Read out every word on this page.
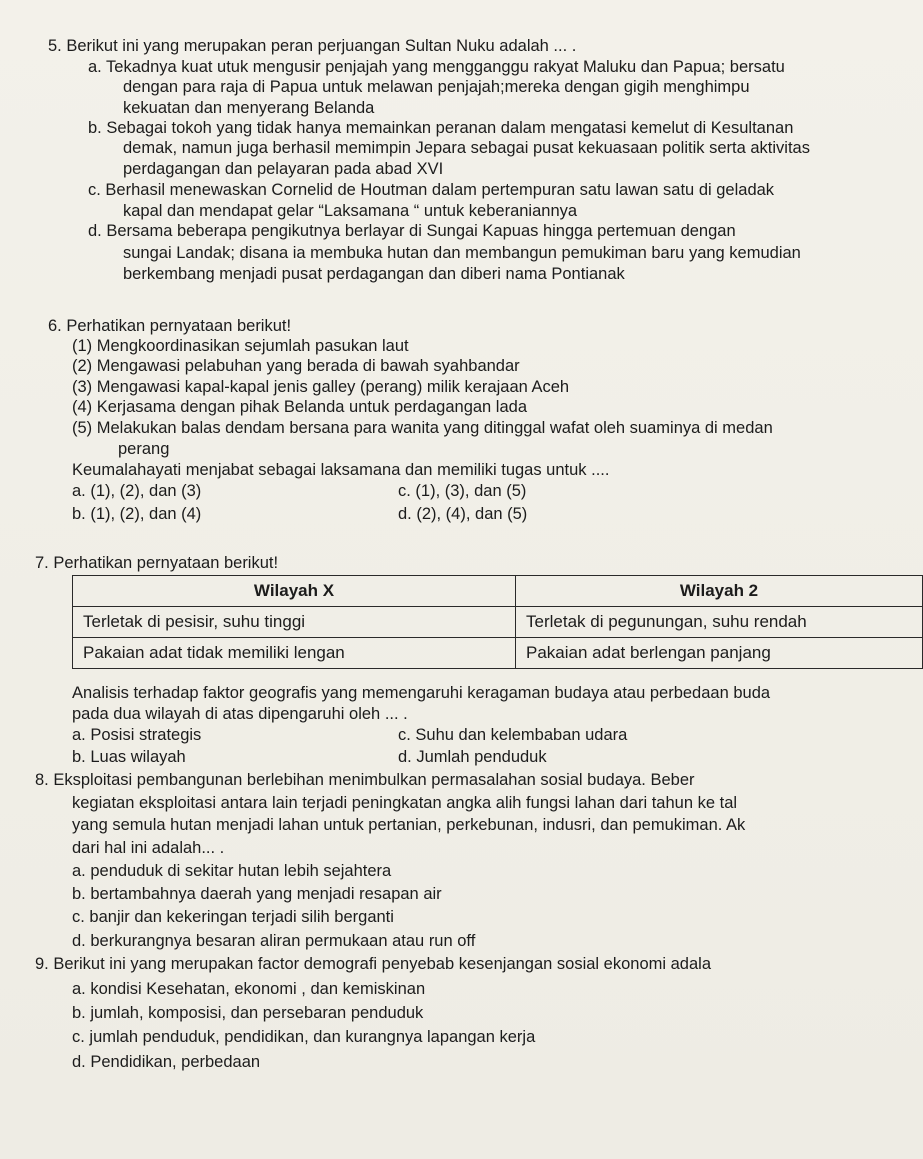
5. Berikut ini yang merupakan peran perjuangan Sultan Nuku adalah ... .
a. Tekadnya kuat utuk mengusir penjajah yang mengganggu rakyat Maluku dan Papua; bersatu
dengan para raja di Papua untuk melawan penjajah;mereka dengan gigih menghimpu
kekuatan dan menyerang Belanda
b. Sebagai tokoh yang tidak hanya memainkan peranan dalam mengatasi kemelut di Kesultanan
demak, namun juga berhasil memimpin Jepara sebagai pusat kekuasaan politik serta aktivitas
perdagangan dan pelayaran pada abad XVI
c. Berhasil menewaskan Cornelid de Houtman dalam pertempuran satu lawan satu di geladak
kapal dan mendapat gelar “Laksamana “ untuk keberaniannya
d. Bersama beberapa pengikutnya berlayar di Sungai Kapuas hingga pertemuan dengan
sungai Landak; disana ia membuka hutan dan membangun pemukiman baru yang kemudian
berkembang menjadi pusat perdagangan dan diberi nama Pontianak
6. Perhatikan pernyataan berikut!
(1) Mengkoordinasikan sejumlah pasukan laut
(2) Mengawasi pelabuhan yang berada di bawah syahbandar
(3) Mengawasi kapal-kapal jenis galley (perang) milik kerajaan Aceh
(4) Kerjasama dengan pihak Belanda untuk perdagangan lada
(5) Melakukan balas dendam bersana para wanita yang ditinggal wafat oleh suaminya di medan
perang
Keumalahayati menjabat sebagai laksamana dan memiliki tugas untuk ....
a. (1), (2), dan (3)	c. (1), (3), dan (5)
b. (1), (2), dan (4)	d. (2), (4), dan (5)
7. Perhatikan pernyataan berikut!
Wilayah X	Wilayah 2
Terletak di pesisir, suhu tinggi	Terletak di pegunungan, suhu rendah
Pakaian adat tidak memiliki lengan	Pakaian adat berlengan panjang
Analisis terhadap faktor geografis yang memengaruhi keragaman budaya atau perbedaan buda
pada dua wilayah di atas dipengaruhi oleh ... .
a. Posisi strategis	c. Suhu dan kelembaban udara
b. Luas wilayah	d. Jumlah penduduk
8. Eksploitasi pembangunan berlebihan menimbulkan permasalahan sosial budaya. Beber
kegiatan eksploitasi antara lain terjadi peningkatan angka alih fungsi lahan dari tahun ke tal
yang semula hutan menjadi lahan untuk pertanian, perkebunan, indusri, dan pemukiman. Ak
dari hal ini adalah... .
a. penduduk di sekitar hutan lebih sejahtera
b. bertambahnya daerah yang menjadi resapan air
c. banjir dan kekeringan terjadi silih berganti
d. berkurangnya besaran aliran permukaan atau run off
9. Berikut ini yang merupakan factor demografi penyebab kesenjangan sosial ekonomi adala
a. kondisi Kesehatan, ekonomi , dan kemiskinan
b. jumlah, komposisi, dan persebaran penduduk
c. jumlah penduduk, pendidikan, dan kurangnya lapangan kerja
d. Pendidikan, perbedaan
